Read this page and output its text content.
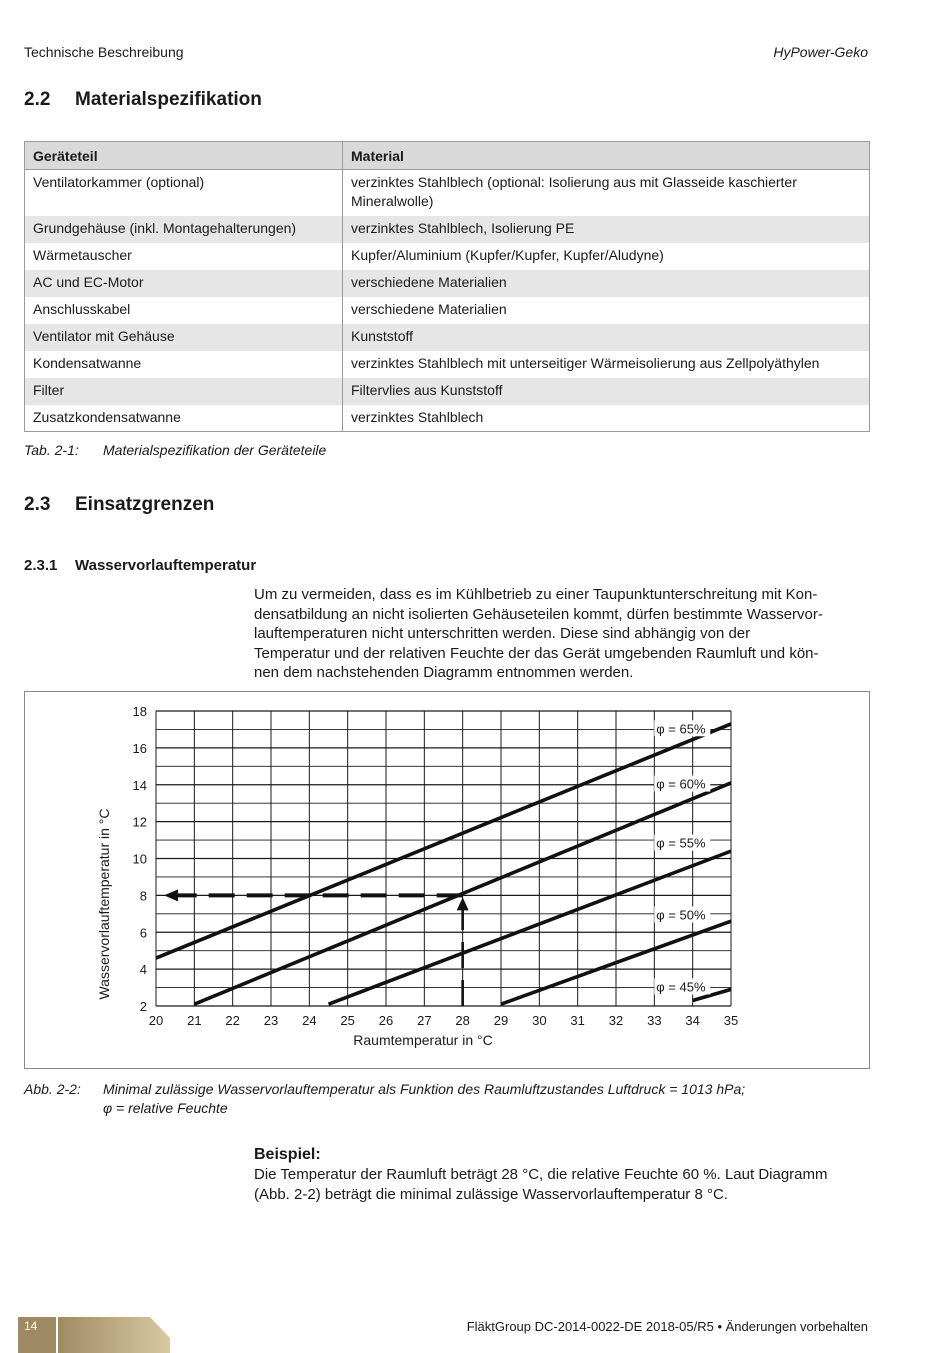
Technische Beschreibung	HyPower-Geko
2.2 Materialspezifikation
Geräteteil	Material
Ventilatorkammer (optional)	verzinktes Stahlblech (optional: Isolierung aus mit Glasseide kaschierter Mineralwolle)
Grundgehäuse (inkl. Montagehalterungen)	verzinktes Stahlblech, Isolierung PE
Wärmetauscher	Kupfer/Aluminium (Kupfer/Kupfer, Kupfer/Aludyne)
AC und EC-Motor	verschiedene Materialien
Anschlusskabel	verschiedene Materialien
Ventilator mit Gehäuse	Kunststoff
Kondensatwanne	verzinktes Stahlblech mit unterseitiger Wärmeisolierung aus Zellpolyäthylen
Filter	Filtervlies aus Kunststoff
Zusatzkondensatwanne	verzinktes Stahlblech
Tab. 2-1: Materialspezifikation der Geräteteile
2.3 Einsatzgrenzen
2.3.1 Wasservorlauftemperatur
Um zu vermeiden, dass es im Kühlbetrieb zu einer Taupunktunterschreitung mit Kon-
densatbildung an nicht isolierten Gehäuseteilen kommt, dürfen bestimmte Wasservor-
lauftemperaturen nicht unterschritten werden. Diese sind abhängig von der
Temperatur und der relativen Feuchte der das Gerät umgebenden Raumluft und kön-
nen dem nachstehenden Diagramm entnommen werden.
20 21 22 23 24 25 26 27 28 29 30 31 32 33 34 35
2
4
6
8
10
12
14
16
18
φ = 65%
φ = 60%
φ = 55%
φ = 50%
φ = 45%
Raumtemperatur in °C
Wasservorlauftemperatur in °C
Abb. 2-2: Minimal zulässige Wasservorlauftemperatur als Funktion des Raumluftzustandes Luftdruck = 1013 hPa;
φ = relative Feuchte
Beispiel:
Die Temperatur der Raumluft beträgt 28 °C, die relative Feuchte 60 %. Laut Diagramm
(Abb. 2-2) beträgt die minimal zulässige Wasservorlauftemperatur 8 °C.
14	FläktGroup DC-2014-0022-DE 2018-05/R5 • Änderungen vorbehalten
